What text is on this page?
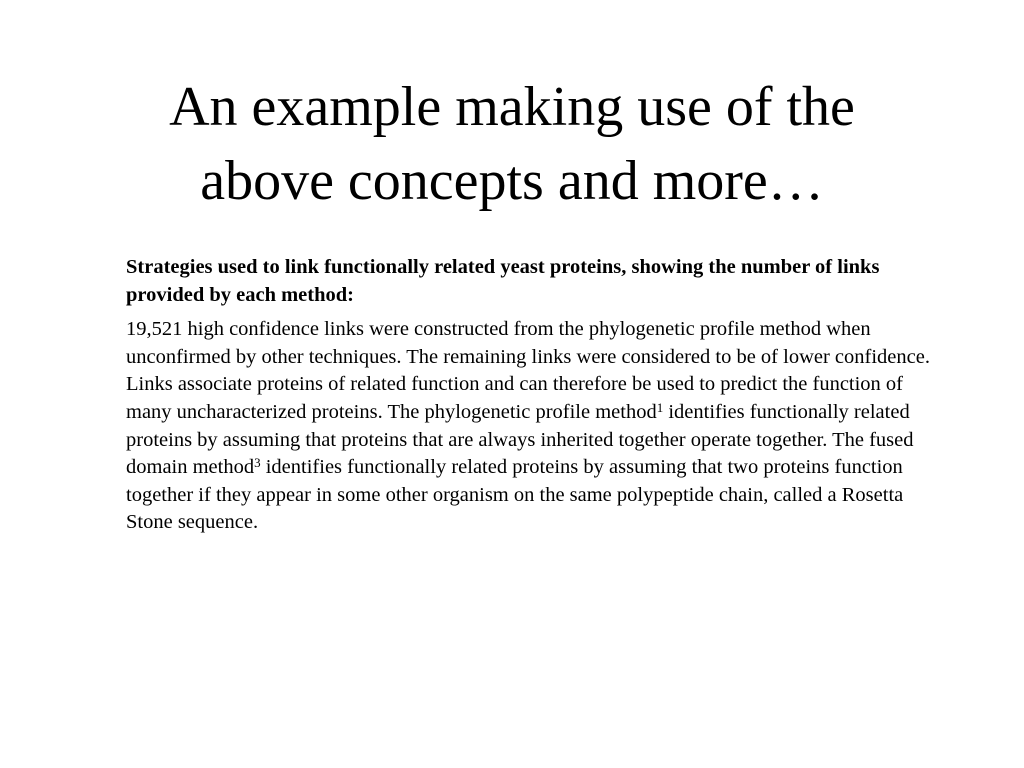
An example making use of the
above concepts and more…

Strategies used to link functionally related yeast proteins, showing the number of links provided by each method:

19,521 high confidence links were constructed from the phylogenetic profile method when unconfirmed by other techniques. The remaining links were considered to be of lower confidence. Links associate proteins of related function and can therefore be used to predict the function of many uncharacterized proteins. The phylogenetic profile method$^1$ identifies functionally related proteins by assuming that proteins that are always inherited together operate together. The fused domain method$^3$ identifies functionally related proteins by assuming that two proteins function together if they appear in some other organism on the same polypeptide chain, called a Rosetta Stone sequence.
